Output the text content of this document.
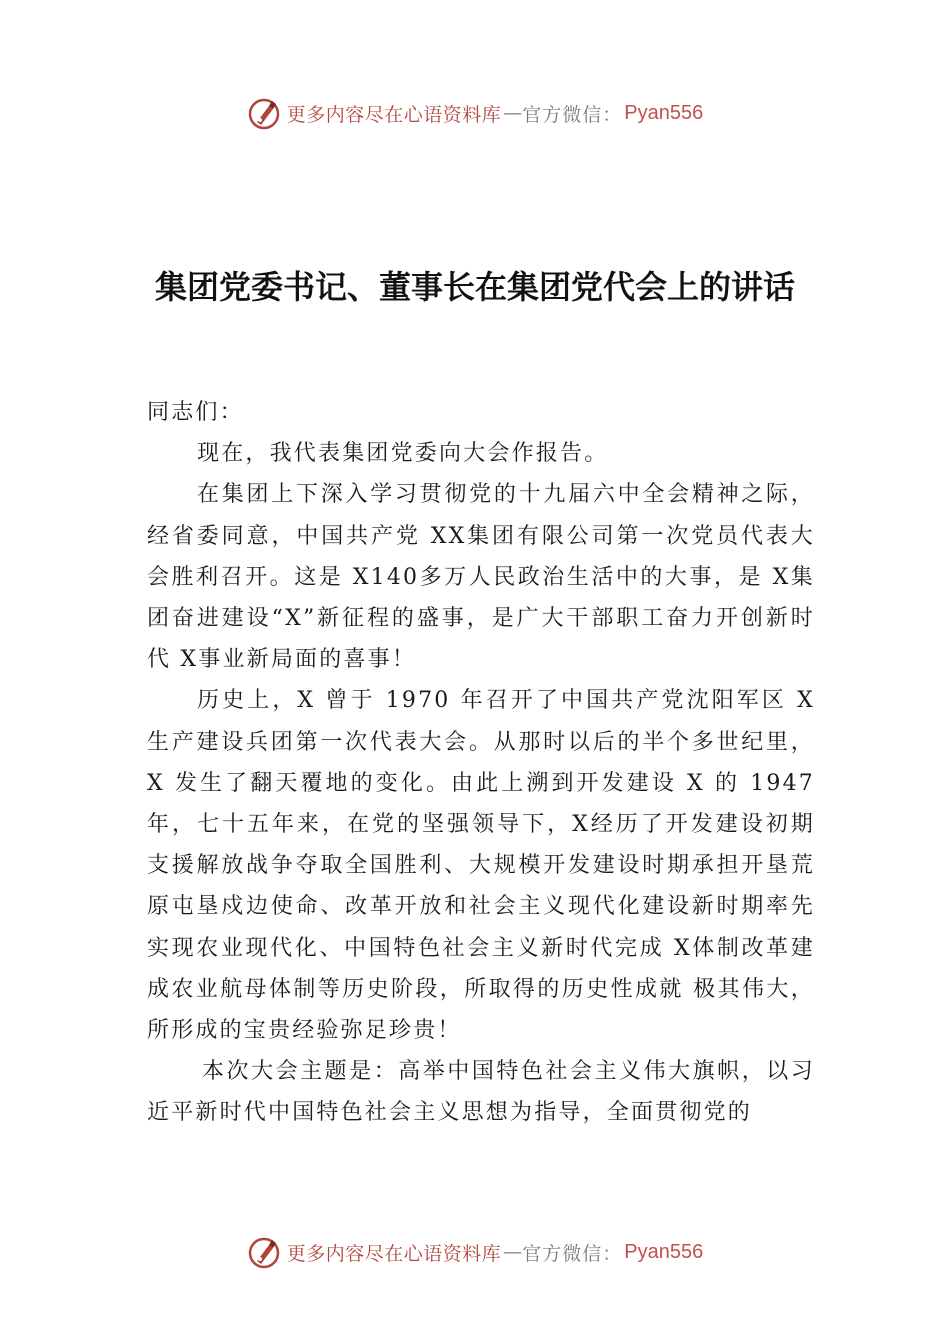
更多内容尽在心语资料库 — 官方微信： Pyan556
集团党委书记、董事长在集团党代会上的讲话

同志们：

现在，我代表集团党委向大会作报告。

在集团上下深入学习贯彻党的十九届六中全会精神之际，经省委同意，中国共产党 XX集团有限公司第一次党员代表大会胜利召开。这是 X140多万人民政治生活中的大事，是 X集团奋进建设“X”新征程的盛事，是广大干部职工奋力开创新时代 X事业新局面的喜事！

历史上，X 曾于 1970 年召开了中国共产党沈阳军区 X 生产建设兵团第一次代表大会。从那时以后的半个多世纪里，X 发生了翻天覆地的变化。由此上溯到开发建设 X 的 1947 年，七十五年来，在党的坚强领导下，X经历了开发建设初期支援解放战争夺取全国胜利、大规模开发建设时期承担开垦荒原屯垦戍边使命、改革开放和社会主义现代化建设新时期率先实现农业现代化、中国特色社会主义新时代完成 X体制改革建成农业航母体制等历史阶段，所取得的历史性成就 极其伟大，所形成的宝贵经验弥足珍贵！

本次大会主题是：高举中国特色社会主义伟大旗帜，以习近平新时代中国特色社会主义思想为指导，全面贯彻党的

更多内容尽在心语资料库 — 官方微信： Pyan556
